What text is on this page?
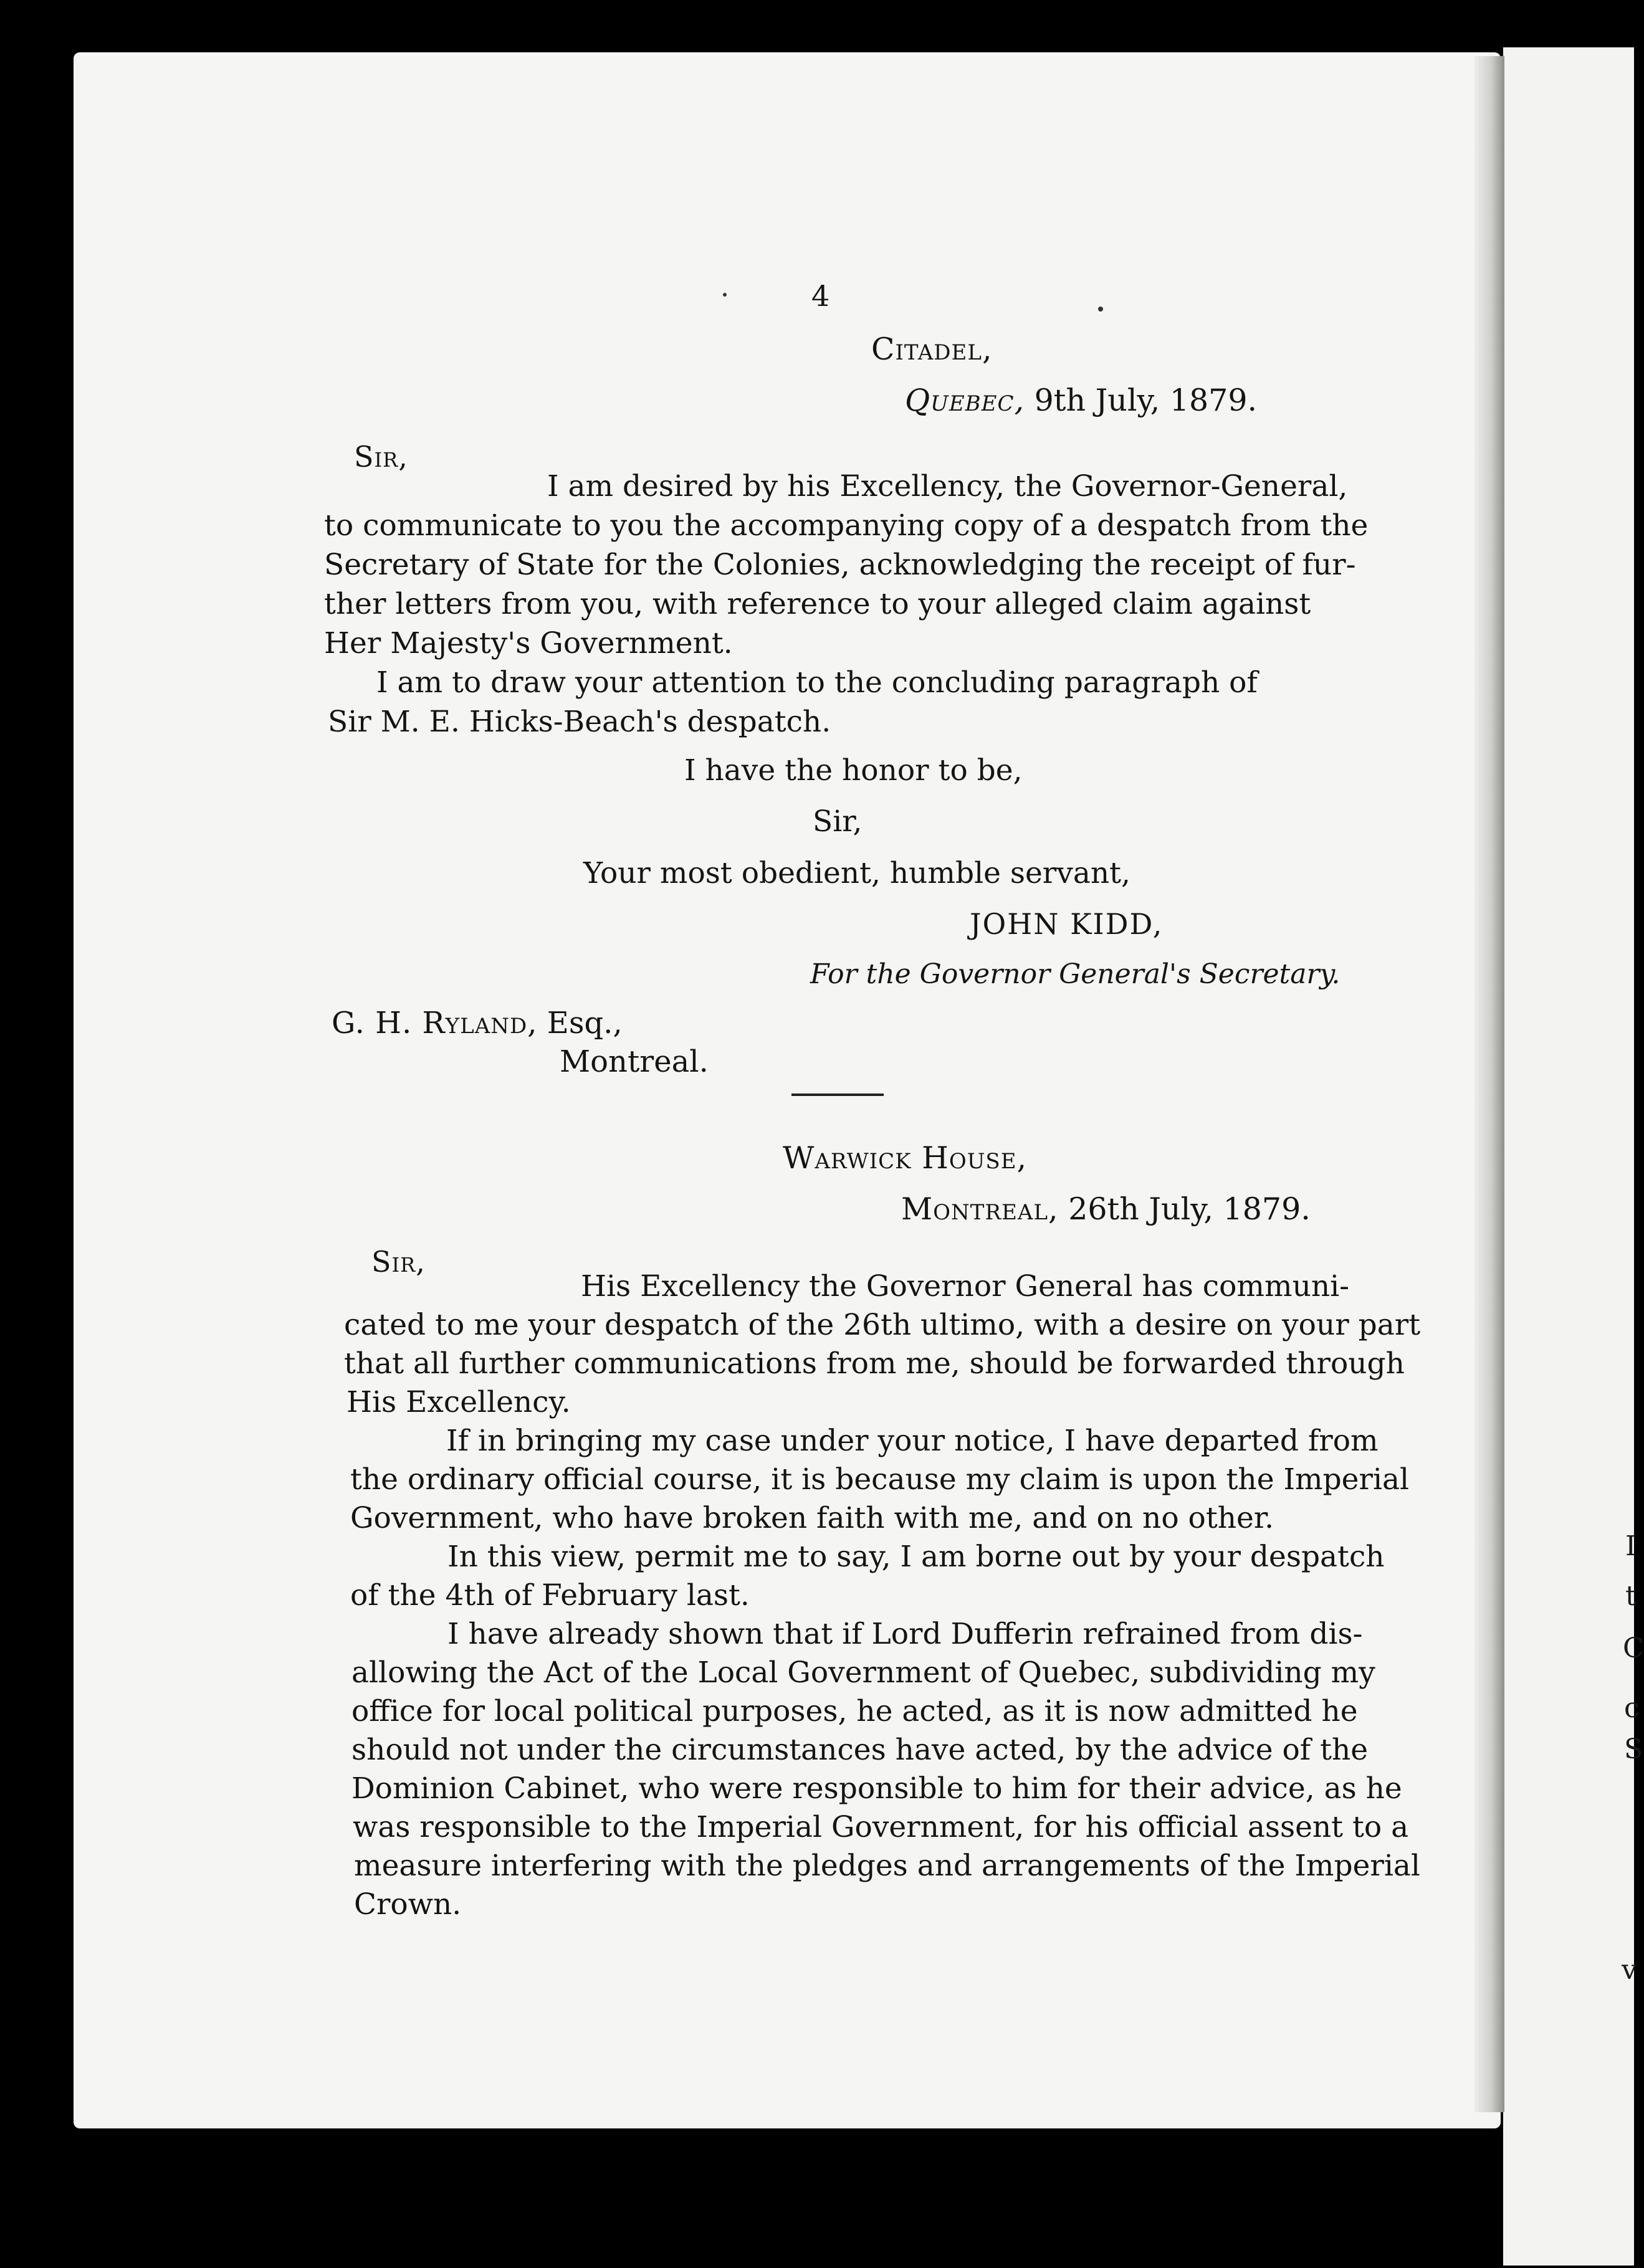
I
t
C
c
S
v
4
Citadel,
Quebec, 9th July, 1879.
Sir,
I am desired by his Excellency, the Governor-General,
to communicate to you the accompanying copy of a despatch from the
Secretary of State for the Colonies, acknowledging the receipt of fur-
ther letters from you, with reference to your alleged claim against
Her Majesty's Government.
I am to draw your attention to the concluding paragraph of
Sir M. E. Hicks-Beach's despatch.
I have the honor to be,
Sir,
Your most obedient, humble servant,
JOHN KIDD,
For the Governor General's Secretary.
G. H. Ryland, Esq.,
Montreal.
Warwick House,
Montreal, 26th July, 1879.
Sir,
His Excellency the Governor General has communi-
cated to me your despatch of the 26th ultimo, with a desire on your part
that all further communications from me, should be forwarded through
His Excellency.
If in bringing my case under your notice, I have departed from
the ordinary official course, it is because my claim is upon the Imperial
Government, who have broken faith with me, and on no other.
In this view, permit me to say, I am borne out by your despatch
of the 4th of February last.
I have already shown that if Lord Dufferin refrained from dis-
allowing the Act of the Local Government of Quebec, subdividing my
office for local political purposes, he acted, as it is now admitted he
should not under the circumstances have acted, by the advice of the
Dominion Cabinet, who were responsible to him for their advice, as he
was responsible to the Imperial Government, for his official assent to a
measure interfering with the pledges and arrangements of the Imperial
Crown.
